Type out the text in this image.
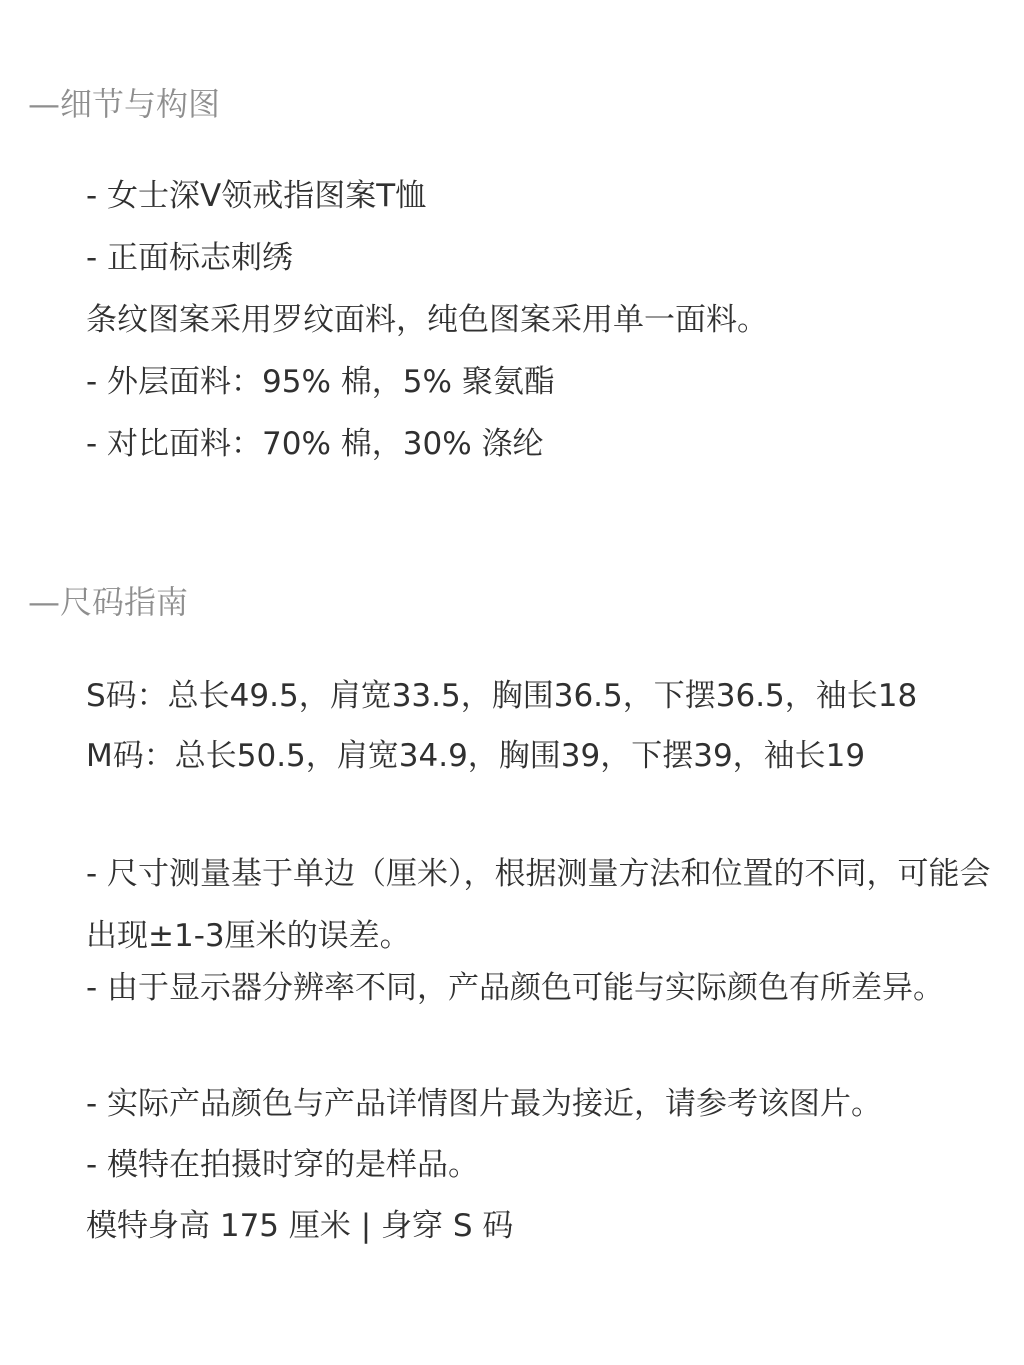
—细节与构图

- 女士深V领戒指图案T恤

- 正面标志刺绣

条纹图案采用罗纹面料，纯色图案采用单一面料。

- 外层面料：95% 棉，5% 聚氨酯

- 对比面料：70% 棉，30% 涤纶

—尺码指南

S码：总长49.5，肩宽33.5，胸围36.5，下摆36.5，袖长18

M码：总长50.5，肩宽34.9，胸围39，下摆39，袖长19

- 尺寸测量基于单边（厘米），根据测量方法和位置的不同，可能会出现±1-3厘米的误差。

- 由于显示器分辨率不同，产品颜色可能与实际颜色有所差异。

- 实际产品颜色与产品详情图片最为接近，请参考该图片。

- 模特在拍摄时穿的是样品。

模特身高 175 厘米 | 身穿 S 码
